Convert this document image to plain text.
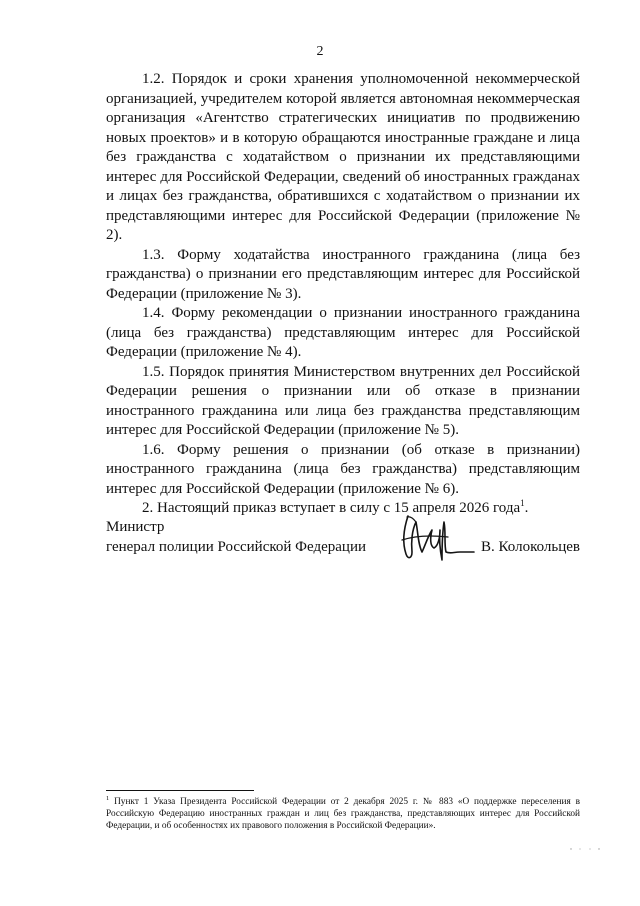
2

1.2. Порядок и сроки хранения уполномоченной некоммерческой организацией, учредителем которой является автономная некоммерческая организация «Агентство стратегических инициатив по продвижению новых проектов» и в которую обращаются иностранные граждане и лица без гражданства с ходатайством о признании их представляющими интерес для Российской Федерации, сведений об иностранных гражданах и лицах без гражданства, обратившихся с ходатайством о признании их представляющими интерес для Российской Федерации (приложение № 2).

1.3. Форму ходатайства иностранного гражданина (лица без гражданства) о признании его представляющим интерес для Российской Федерации (приложение № 3).

1.4. Форму рекомендации о признании иностранного гражданина (лица без гражданства) представляющим интерес для Российской Федерации (приложение № 4).

1.5. Порядок принятия Министерством внутренних дел Российской Федерации решения о признании или об отказе в признании иностранного гражданина или лица без гражданства представляющим интерес для Российской Федерации (приложение № 5).

1.6. Форму решения о признании (об отказе в признании) иностранного гражданина (лица без гражданства) представляющим интерес для Российской Федерации (приложение № 6).

2. Настоящий приказ вступает в силу с 15 апреля 2026 года$^1$.

Министр
генерал полиции Российской Федерации	В. Колокольцев
$^1$ Пункт 1 Указа Президента Российской Федерации от 2 декабря 2025 г. № 883 «О поддержке переселения в Российскую Федерацию иностранных граждан и лиц без гражданства, представляющих интерес для Российской Федерации, и об особенностях их правового положения в Российской Федерации».
